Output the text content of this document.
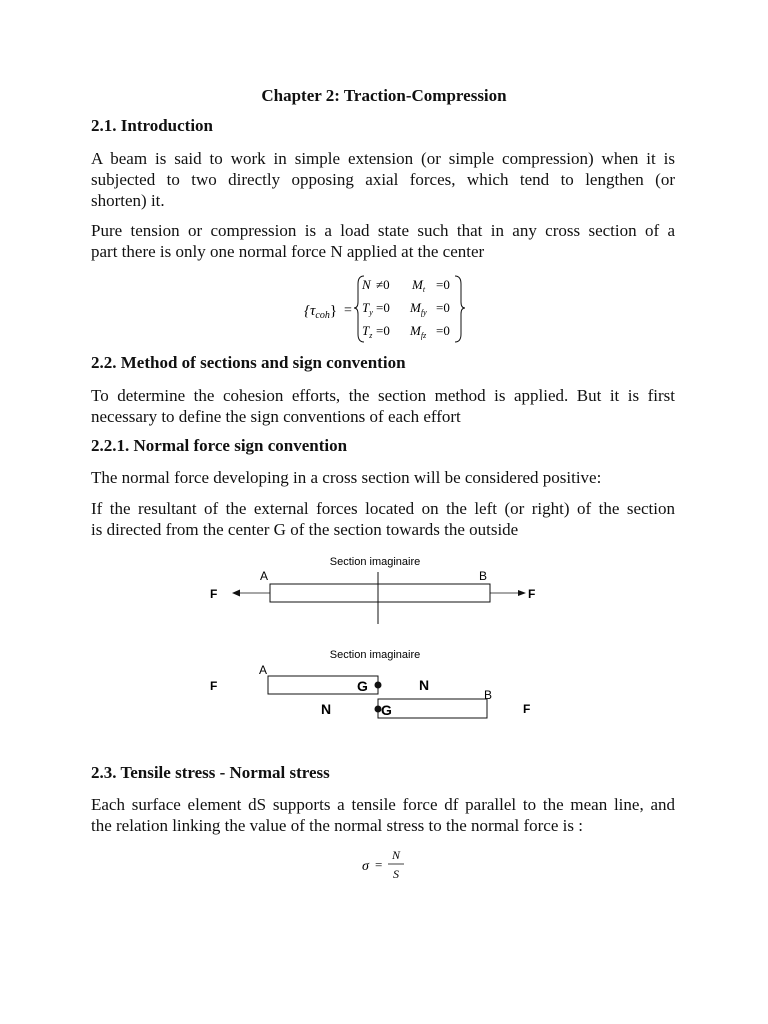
Chapter 2: Traction-Compression
2.1. Introduction
A beam is said to work in simple extension (or simple compression) when it is
subjected to two directly opposing axial forces, which tend to lengthen (or
shorten) it.
Pure tension or compression is a load state such that in any cross section of a
part there is only one normal force N applied at the center
$\{\tau_{coh}\}$ =
N ≠0 $M_t =0$
$T_y =0$ $M_{fy} =0$
$T_z =0$ $M_{fz} =0$
2.2. Method of sections and sign convention
To determine the cohesion efforts, the section method is applied. But it is first
necessary to define the sign conventions of each effort
2.2.1. Normal force sign convention
The normal force developing in a cross section will be considered positive:
If the resultant of the external forces located on the left (or right) of the section
is directed from the center G of the section towards the outside
Section imaginaire
A	B
F	F
Section imaginaire
A
G	N
F
G
N
B
F
2.3. Tensile stress - Normal stress
Each surface element dS supports a tensile force df parallel to the mean line, and
the relation linking the value of the normal stress to the normal force is :
σ =
N
S
